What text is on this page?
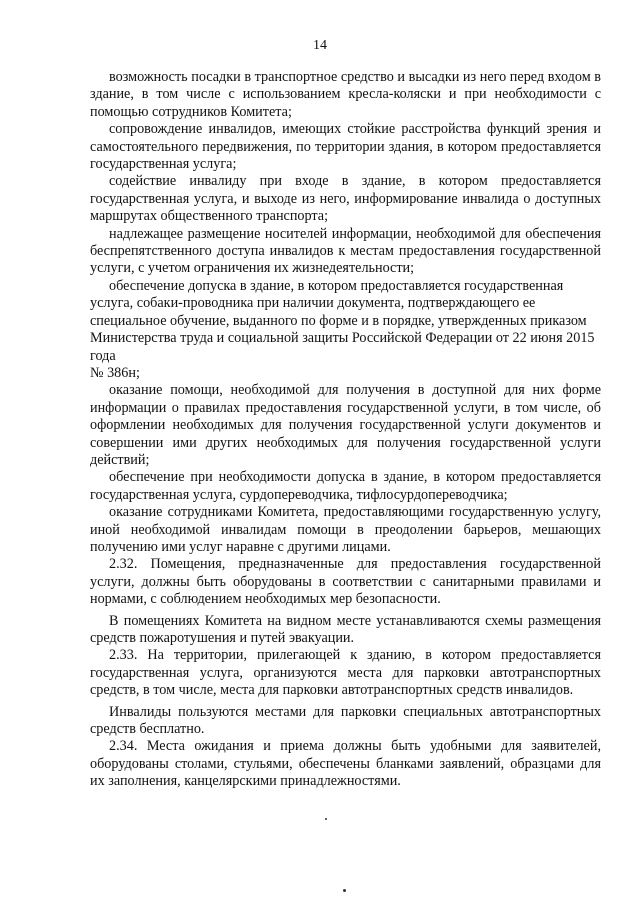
14

возможность посадки в транспортное средство и высадки из него перед входом в здание, в том числе с использованием кресла-коляски и при необходимости с помощью сотрудников Комитета;

сопровождение инвалидов, имеющих стойкие расстройства функций зрения и самостоятельного передвижения, по территории здания, в котором предоставляется государственная услуга;

содействие инвалиду при входе в здание, в котором предоставляется государственная услуга, и выходе из него, информирование инвалида о доступных маршрутах общественного транспорта;

надлежащее размещение носителей информации, необходимой для обеспечения беспрепятственного доступа инвалидов к местам предоставления государственной услуги, с учетом ограничения их жизнедеятельности;

обеспечение допуска в здание, в котором предоставляется государственная услуга, собаки-проводника при наличии документа, подтверждающего ее специальное обучение, выданного по форме и в порядке, утвержденных приказом Министерства труда и социальной защиты Российской Федерации от 22 июня 2015 года

№ 386н;

оказание помощи, необходимой для получения в доступной для них форме информации о правилах предоставления государственной услуги, в том числе, об оформлении необходимых для получения государственной услуги документов и совершении ими других необходимых для получения государственной услуги действий;

обеспечение при необходимости допуска в здание, в котором предоставляется государственная услуга, сурдопереводчика, тифлосурдопереводчика;

оказание сотрудниками Комитета, предоставляющими государственную услугу, иной необходимой инвалидам помощи в преодолении барьеров, мешающих получению ими услуг наравне с другими лицами.

2.32. Помещения, предназначенные для предоставления государственной услуги, должны быть оборудованы в соответствии с санитарными правилами и нормами, с соблюдением необходимых мер безопасности.

В помещениях Комитета на видном месте устанавливаются схемы размещения средств пожаротушения и путей эвакуации.

2.33. На территории, прилегающей к зданию, в котором предоставляется государственная услуга, организуются места для парковки автотранспортных средств, в том числе, места для парковки автотранспортных средств инвалидов.

Инвалиды пользуются местами для парковки специальных автотранспортных средств бесплатно.

2.34. Места ожидания и приема должны быть удобными для заявителей, оборудованы столами, стульями, обеспечены бланками заявлений, образцами для их заполнения, канцелярскими принадлежностями.
